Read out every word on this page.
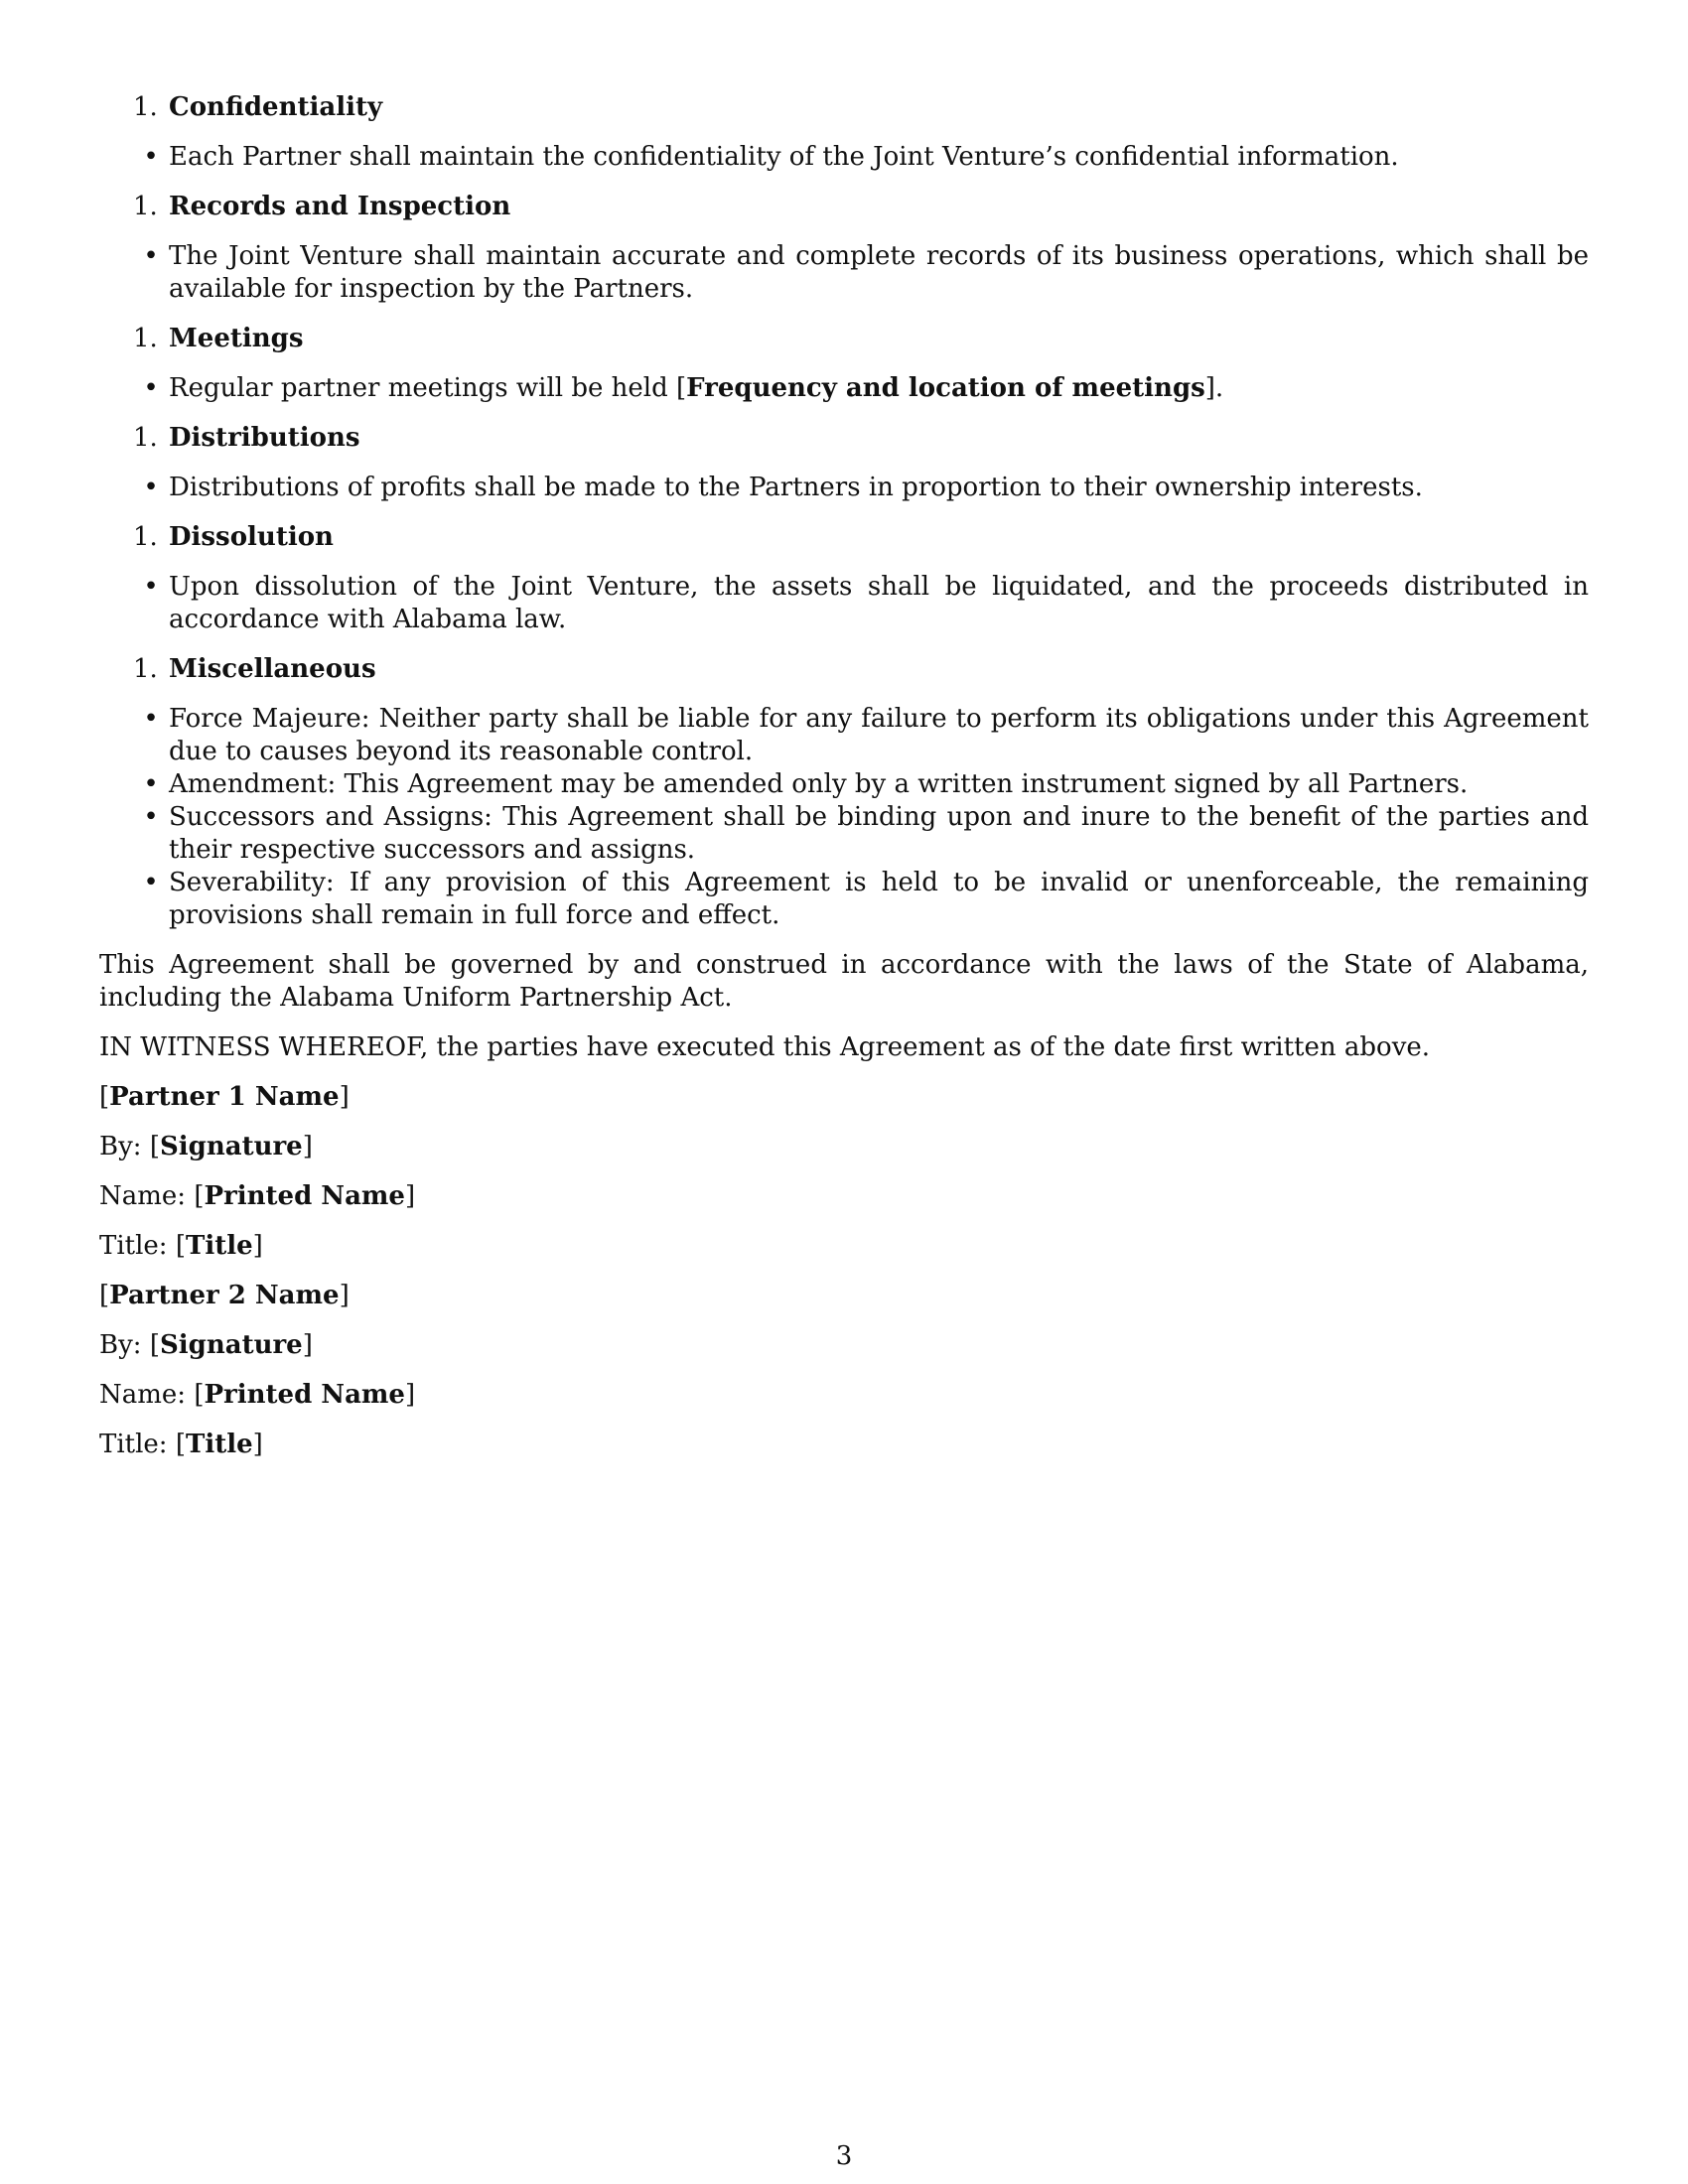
1. Confidentiality
• Each Partner shall maintain the confidentiality of the Joint Venture’s confidential information.
1. Records and Inspection
• The Joint Venture shall maintain accurate and complete records of its business operations, which shall be available for inspection by the Partners.
1. Meetings
• Regular partner meetings will be held [Frequency and location of meetings].
1. Distributions
• Distributions of profits shall be made to the Partners in proportion to their ownership interests.
1. Dissolution
• Upon dissolution of the Joint Venture, the assets shall be liquidated, and the proceeds distributed in accordance with Alabama law.
1. Miscellaneous
• Force Majeure: Neither party shall be liable for any failure to perform its obligations under this Agreement due to causes beyond its reasonable control.
• Amendment: This Agreement may be amended only by a written instrument signed by all Partners.
• Successors and Assigns: This Agreement shall be binding upon and inure to the benefit of the parties and their respective successors and assigns.
• Severability: If any provision of this Agreement is held to be invalid or unenforceable, the remaining provisions shall remain in full force and effect.

This Agreement shall be governed by and construed in accordance with the laws of the State of Alabama, including the Alabama Uniform Partnership Act.

IN WITNESS WHEREOF, the parties have executed this Agreement as of the date first written above.

[Partner 1 Name]

By: [Signature]

Name: [Printed Name]

Title: [Title]

[Partner 2 Name]

By: [Signature]

Name: [Printed Name]

Title: [Title]

3
